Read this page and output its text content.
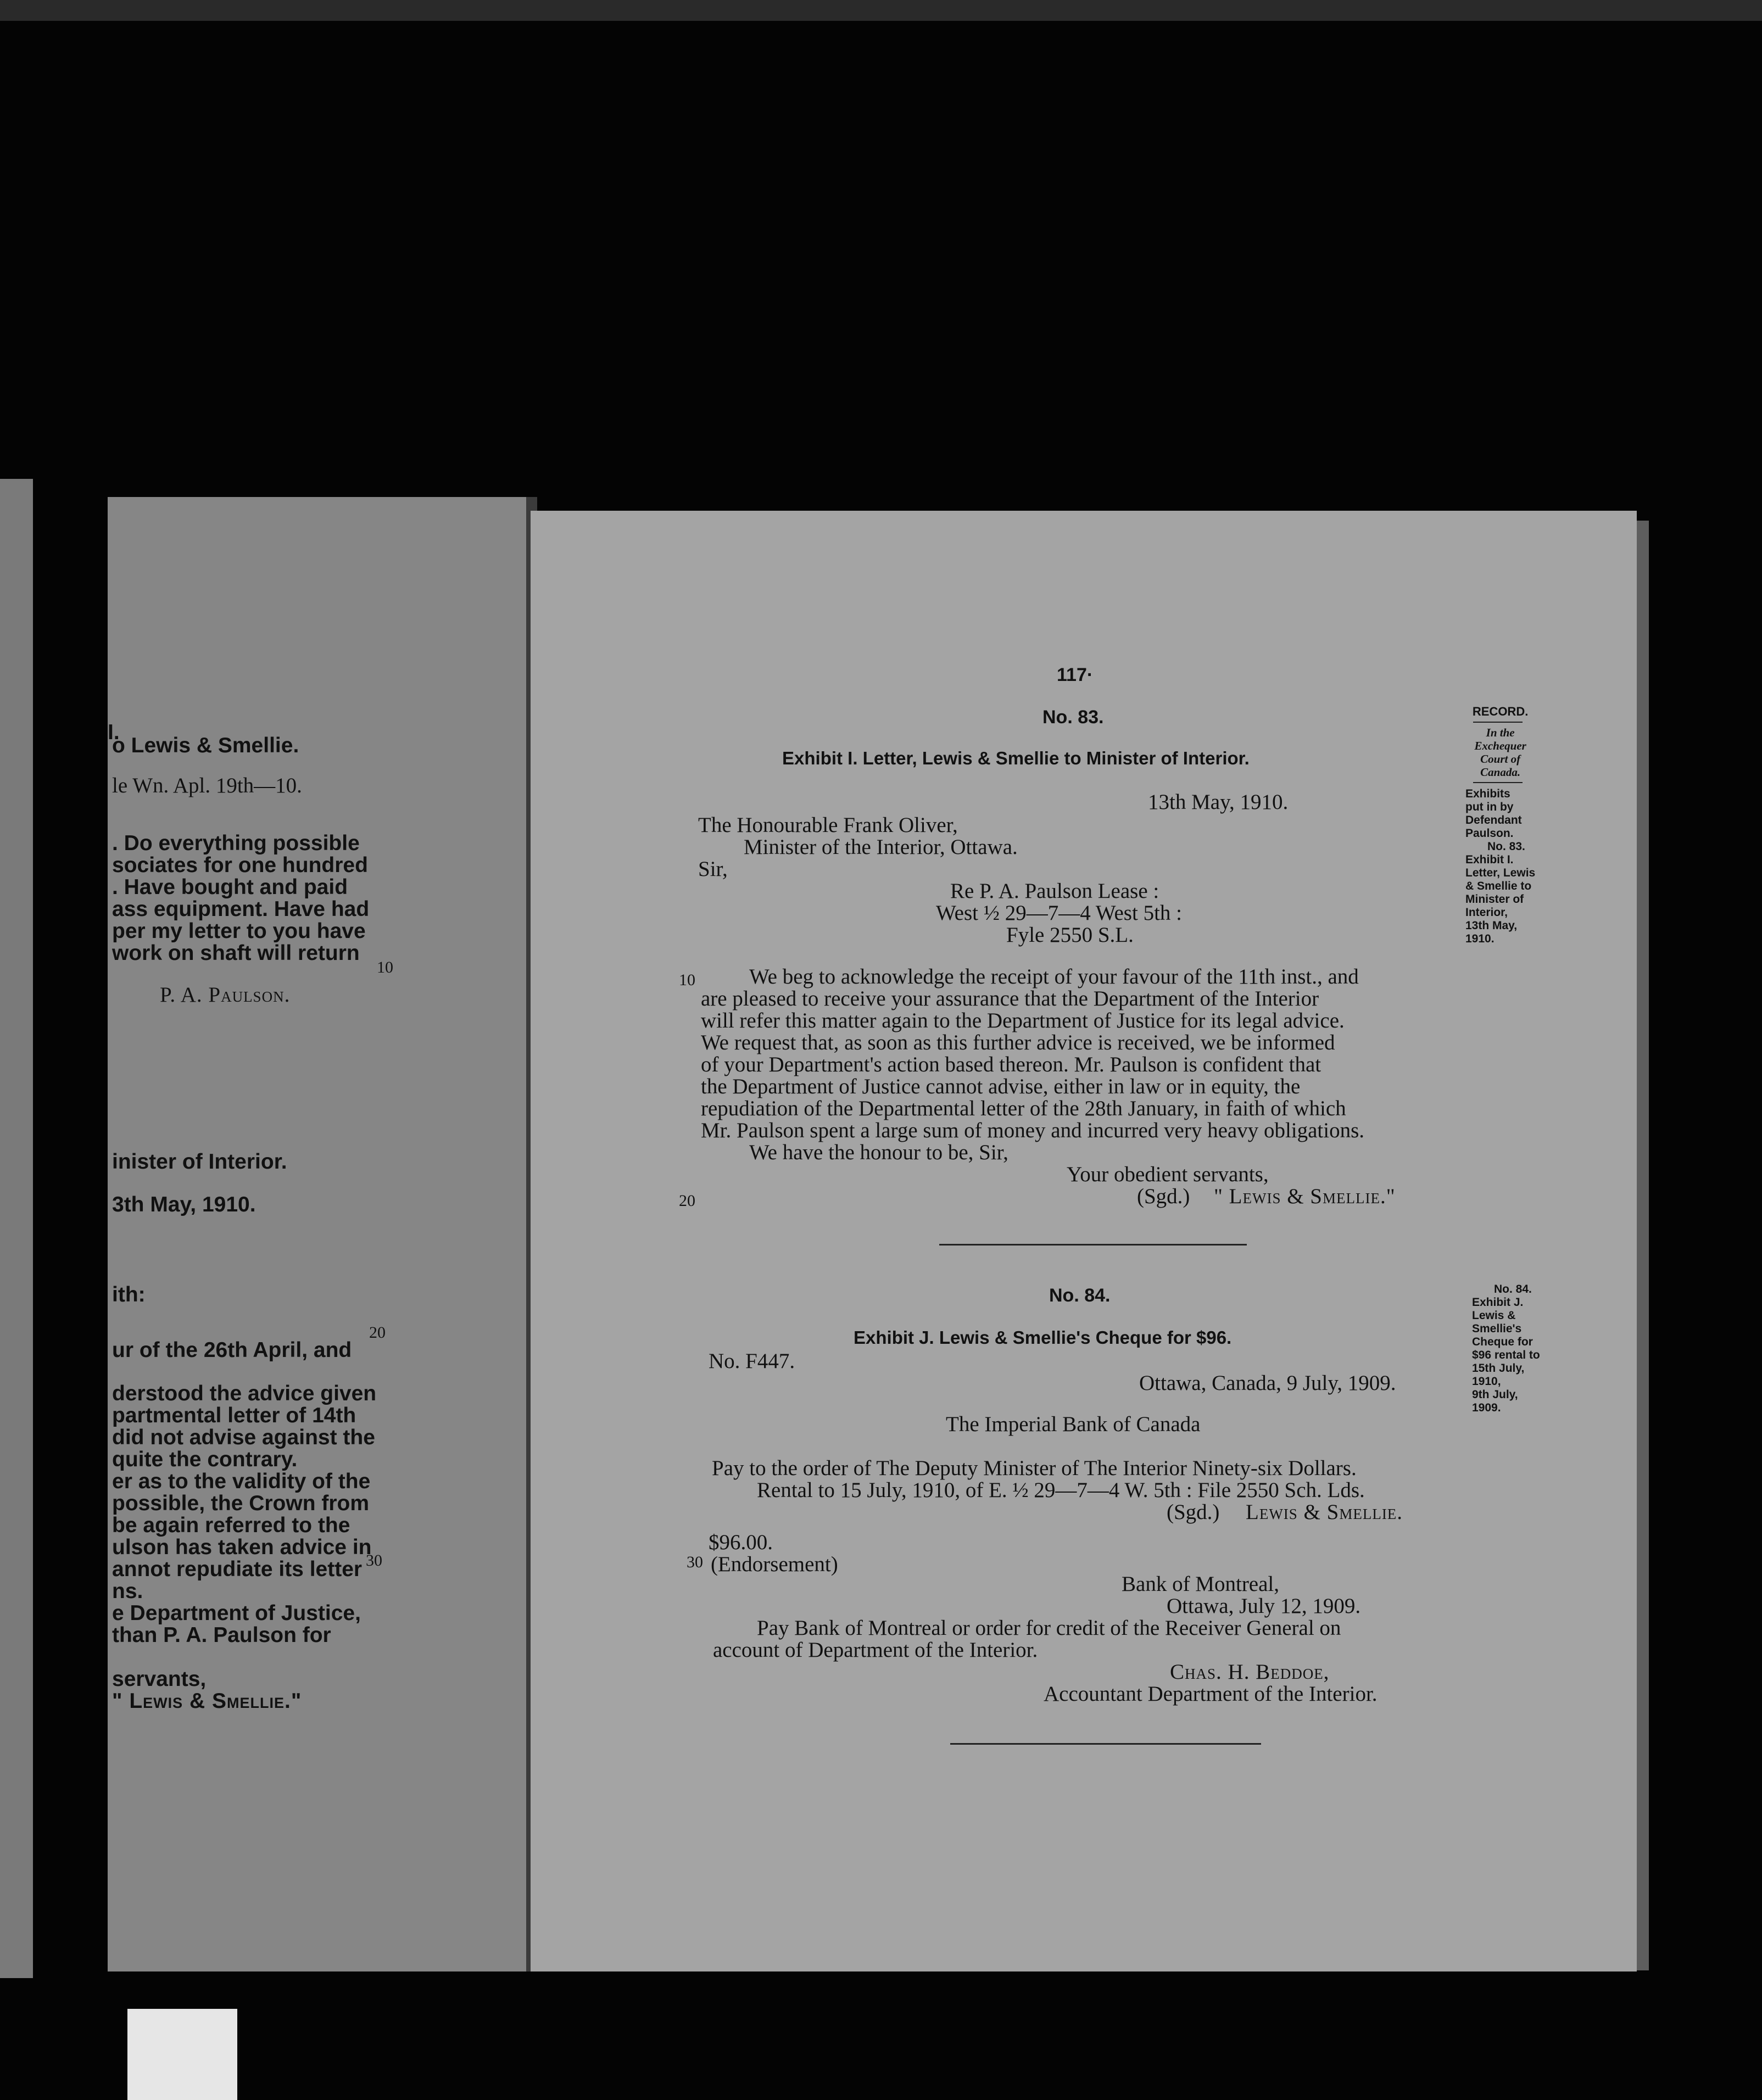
I.
o Lewis & Smellie.
le Wn. Apl. 19th—10.
. Do everything possible
sociates for one hundred
. Have bought and paid
ass equipment. Have had
per my letter to you have
work on shaft will return
P. A. Paulson.
inister of Interior.
3th May, 1910.
ith:
ur of the 26th April, and
derstood the advice given
partmental letter of 14th
did not advise against the
quite the contrary.
er as to the validity of the
possible, the Crown from
be again referred to the
ulson has taken advice in
annot repudiate its letter
ns.
e Department of Justice,
than P. A. Paulson for
servants,
" Lewis & Smellie."
10
20
30
117·
No. 83.
Exhibit I. Letter, Lewis & Smellie to Minister of Interior.
13th May, 1910.
The Honourable Frank Oliver,
Minister of the Interior, Ottawa.
Sir,
Re P. A. Paulson Lease :
West ½ 29—7—4 West 5th :
Fyle 2550 S.L.
We beg to acknowledge the receipt of your favour of the 11th inst., and
are pleased to receive your assurance that the Department of the Interior
will refer this matter again to the Department of Justice for its legal advice.
We request that, as soon as this further advice is received, we be informed
of your Department's action based thereon. Mr. Paulson is confident that
the Department of Justice cannot advise, either in law or in equity, the
repudiation of the Departmental letter of the 28th January, in faith of which
Mr. Paulson spent a large sum of money and incurred very heavy obligations.
We have the honour to be, Sir,
Your obedient servants,
(Sgd.) " Lewis & Smellie."
No. 84.
Exhibit J. Lewis & Smellie's Cheque for $96.
No. F447.
Ottawa, Canada, 9 July, 1909.
The Imperial Bank of Canada
Pay to the order of The Deputy Minister of The Interior Ninety-six Dollars.
Rental to 15 July, 1910, of E. ½ 29—7—4 W. 5th : File 2550 Sch. Lds.
(Sgd.) Lewis & Smellie.
$96.00.
(Endorsement)
Bank of Montreal,
Ottawa, July 12, 1909.
Pay Bank of Montreal or order for credit of the Receiver General on
account of Department of the Interior.
Chas. H. Beddoe,
Accountant Department of the Interior.
10
20
30
RECORD.
In the
Exchequer
Court of
Canada.
Exhibits
put in by
Defendant
Paulson.
No. 83.
Exhibit I.
Letter, Lewis
& Smellie to
Minister of
Interior,
13th May,
1910.
No. 84.
Exhibit J.
Lewis &
Smellie's
Cheque for
$96 rental to
15th July,
1910,
9th July,
1909.
